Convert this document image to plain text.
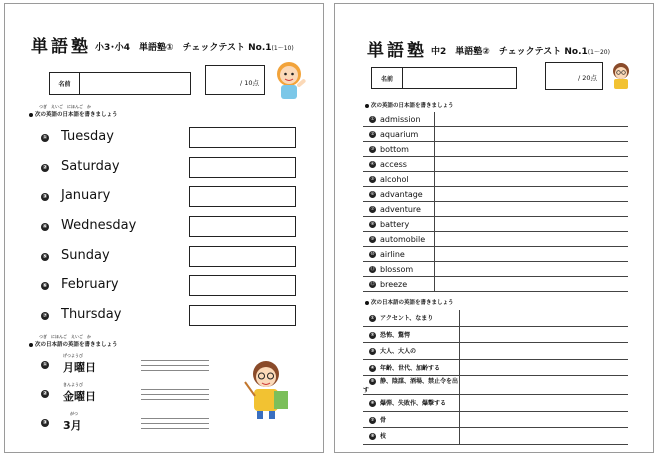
単語塾 小3･小4　単語塾①　チェックテスト No.1(1〜10)
名前	/ 10点
つぎ　えいご　にほんご　か
次の英語の日本語を書きましょう
① Tuesday
② Saturday
③ January
④ Wednesday
⑤ Sunday
⑥ February
⑦ Thursday
つぎ　にほんご　えいご　か
次の日本語の英語を書きましょう
①
げつようび
月曜日
②
きんようび
金曜日
③
がつ
3月
単語塾 中2　単語塾②　チェックテスト No.1(1〜20)
名前	/ 20点
次の英語の日本語を書きましょう
① admission	
② aquarium	
③ bottom	
④ access	
⑤ alcohol	
⑥ advantage	
⑦ adventure	
⑧ battery	
⑨ automobile	
⑩ airline	
⑪ blossom	
⑫ breeze	
次の日本語の英語を書きましょう
① アクセント、なまり	
② 恐怖、驚愕	
③ 大人、大人の	
④ 年齢、世代、加齢する	
⑤ 静、陰謀、酒場、禁止令を出す	
⑥ 爆弾、失敗作、爆撃する	
⑦ 骨	
⑧ 枝	
